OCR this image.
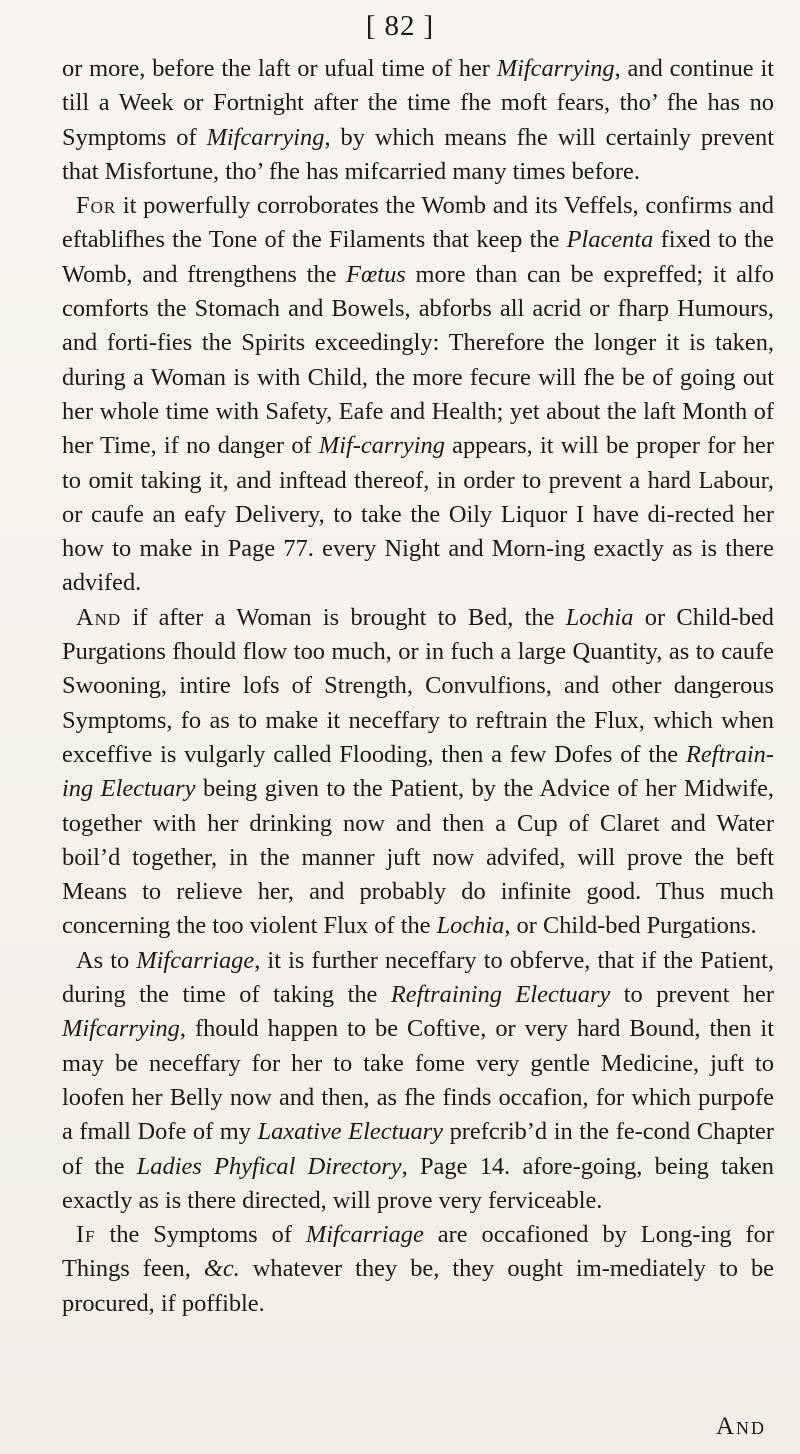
[ 82 ]

or more, before the laft or ufual time of her Mifcarrying, and continue it till a Week or Fortnight after the time fhe moft fears, tho’ fhe has no Symptoms of Mifcarrying, by which means fhe will certainly prevent that Misfortune, tho’ fhe has mifcarried many times before.

For it powerfully corroborates the Womb and its Veffels, confirms and eftablifhes the Tone of the Filaments that keep the Placenta fixed to the Womb, and ftrengthens the Fœtus more than can be expreffed; it alfo comforts the Stomach and Bowels, abforbs all acrid or fharp Humours, and forti‐fies the Spirits exceedingly: Therefore the longer it is taken, during a Woman is with Child, the more fecure will fhe be of going out her whole time with Safety, Eafe and Health; yet about the laft Month of her Time, if no danger of Mif‐carrying appears, it will be proper for her to omit taking it, and inftead thereof, in order to prevent a hard Labour, or caufe an eafy Delivery, to take the Oily Liquor I have di‐rected her how to make in Page 77. every Night and Morn‐ing exactly as is there advifed.

And if after a Woman is brought to Bed, the Lochia or Child-bed Purgations fhould flow too much, or in fuch a large Quantity, as to caufe Swooning, intire lofs of Strength, Convulfions, and other dangerous Symptoms, fo as to make it neceffary to reftrain the Flux, which when exceffive is vulgarly called Flooding, then a few Dofes of the Reftrain‐ing Electuary being given to the Patient, by the Advice of her Midwife, together with her drinking now and then a Cup of Claret and Water boil’d together, in the manner juft now advifed, will prove the beft Means to relieve her, and probably do infinite good. Thus much concerning the too violent Flux of the Lochia, or Child-bed Purgations.

As to Mifcarriage, it is further neceffary to obferve, that if the Patient, during the time of taking the Reftraining Electuary to prevent her Mifcarrying, fhould happen to be Coftive, or very hard Bound, then it may be neceffary for her to take fome very gentle Medicine, juft to loofen her Belly now and then, as fhe finds occafion, for which purpofe a fmall Dofe of my Laxative Electuary prefcrib’d in the fe‐cond Chapter of the Ladies Phyfical Directory, Page 14. afore‐going, being taken exactly as is there directed, will prove very ferviceable.

If the Symptoms of Mifcarriage are occafioned by Long‐ing for Things feen, &c. whatever they be, they ought im‐mediately to be procured, if poffible.

And
